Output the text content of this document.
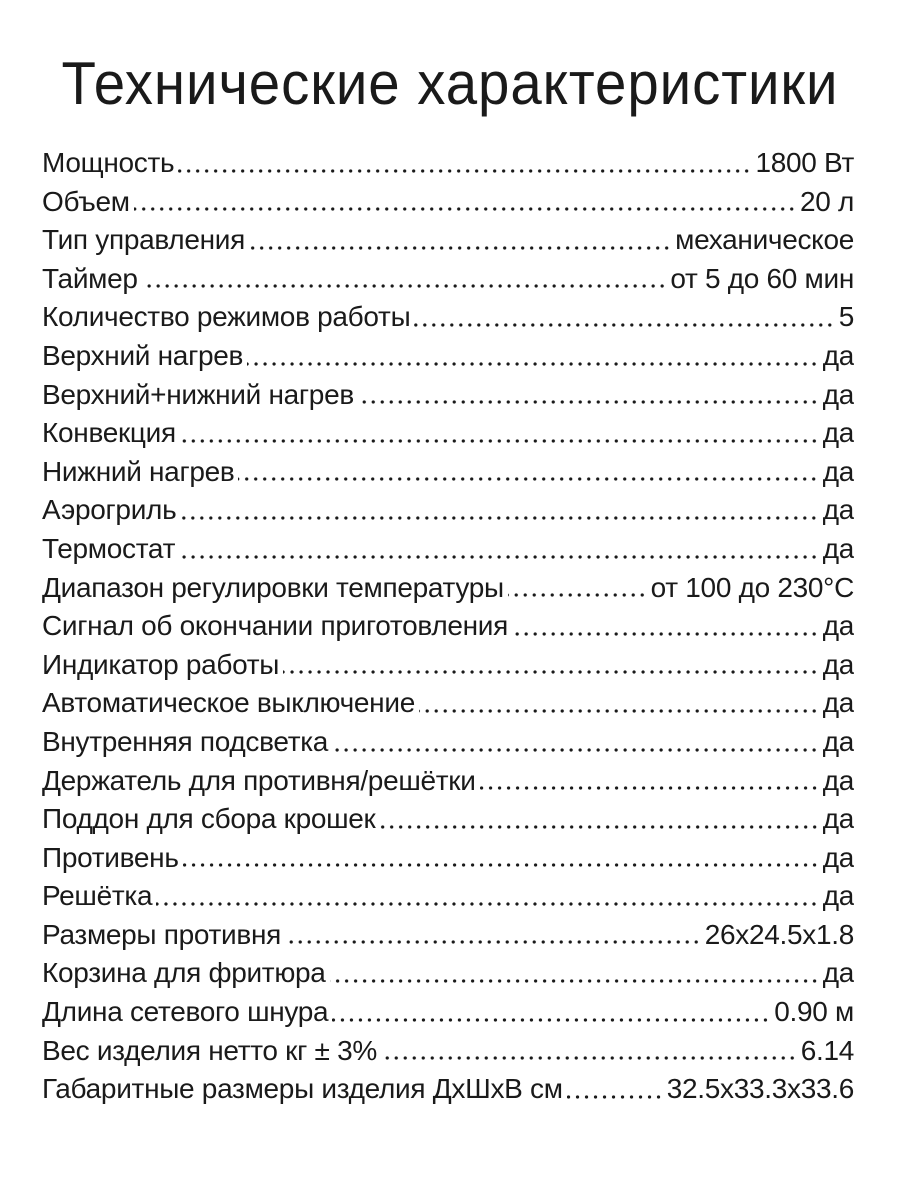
Технические характеристики
Мощность	1800 Вт
Объем	20 л
Тип управления	механическое
Таймер	от 5 до 60 мин
Количество режимов работы	5
Верхний нагрев	да
Верхний+нижний нагрев	да
Конвекция	да
Нижний нагрев	да
Аэрогриль	да
Термостат	да
Диапазон регулировки температуры	от 100 до 230°С
Сигнал об окончании приготовления	да
Индикатор работы	да
Автоматическое выключение	да
Внутренняя подсветка	да
Держатель для противня/решётки	да
Поддон для сбора крошек	да
Противень	да
Решётка	да
Размеры противня	26x24.5x1.8
Корзина для фритюра	да
Длина сетевого шнура	0.90 м
Вес изделия нетто кг ± 3%	6.14
Габаритные размеры изделия ДхШхВ см	32.5x33.3x33.6
